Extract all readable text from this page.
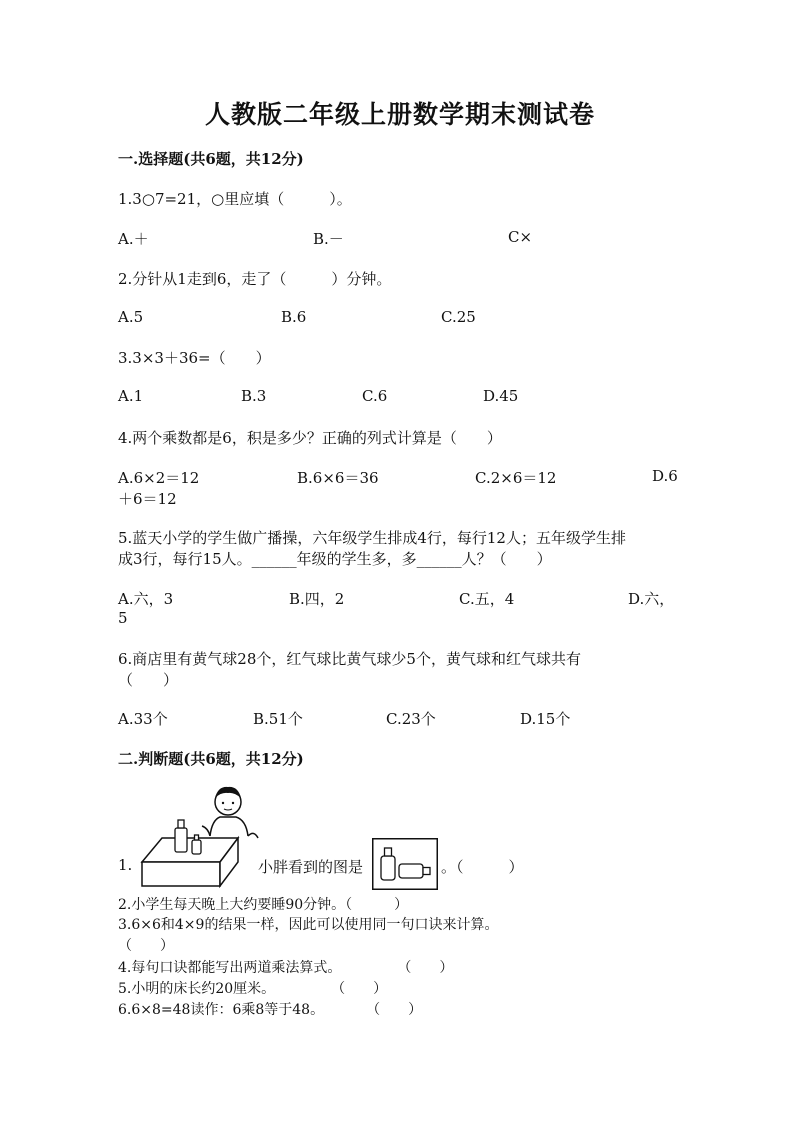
人教版二年级上册数学期末测试卷
一.选择题(共6题，共12分)
1.3○7=21，○里应填（　　　）。
A.＋	B.－	C×
2.分针从1走到6，走了（　　　）分钟。
A.5	B.6	C.25
3.3×3＋36=（　　）
A.1	B.3	C.6	D.45
4.两个乘数都是6，积是多少？正确的列式计算是（　　）
A.6×2＝12	B.6×6＝36	C.2×6＝12	D.6
＋6＝12
5.蓝天小学的学生做广播操，六年级学生排成4行，每行12人；五年级学生排
成3行，每行15人。______年级的学生多，多______人？（　　）
A.六，3	B.四，2	C.五，4	D.六，
5
6.商店里有黄气球28个，红气球比黄气球少5个，黄气球和红气球共有
（　　）
A.33个	B.51个	C.23个	D.15个
二.判断题(共6题，共12分)
1.	小胖看到的图是	。（　　　）
2.小学生每天晚上大约要睡90分钟。（　　　）
3.6×6和4×9的结果一样，因此可以使用同一句口诀来计算。
（　　）
4.每句口诀都能写出两道乘法算式。　　　　　（　　）
5.小明的床长约20厘米。　　　　　（　　）
6.6×8=48读作：6乘8等于48。　　　　（　　）
